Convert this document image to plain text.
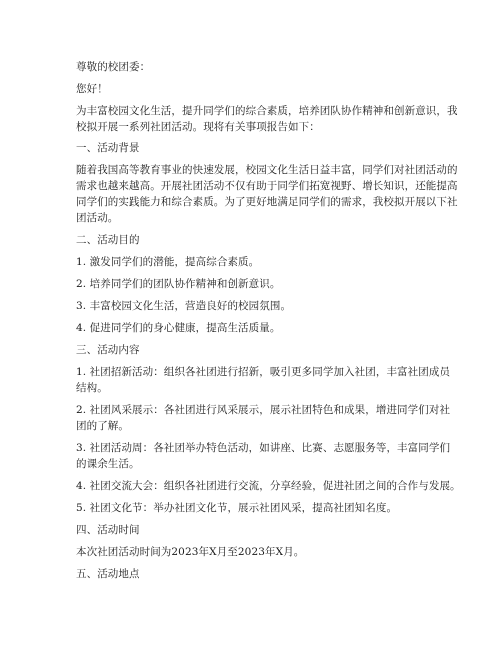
尊敬的校团委：
您好！
为丰富校园文化生活，提升同学们的综合素质，培养团队协作精神和创新意识，我
校拟开展一系列社团活动。现将有关事项报告如下：
一、活动背景
随着我国高等教育事业的快速发展，校园文化生活日益丰富，同学们对社团活动的
需求也越来越高。开展社团活动不仅有助于同学们拓宽视野、增长知识，还能提高
同学们的实践能力和综合素质。为了更好地满足同学们的需求，我校拟开展以下社
团活动。
二、活动目的
1. 激发同学们的潜能，提高综合素质。
2. 培养同学们的团队协作精神和创新意识。
3. 丰富校园文化生活，营造良好的校园氛围。
4. 促进同学们的身心健康，提高生活质量。
三、活动内容
1. 社团招新活动：组织各社团进行招新，吸引更多同学加入社团，丰富社团成员
结构。
2. 社团风采展示：各社团进行风采展示，展示社团特色和成果，增进同学们对社
团的了解。
3. 社团活动周：各社团举办特色活动，如讲座、比赛、志愿服务等，丰富同学们
的课余生活。
4. 社团交流大会：组织各社团进行交流，分享经验，促进社团之间的合作与发展。
5. 社团文化节：举办社团文化节，展示社团风采，提高社团知名度。
四、活动时间
本次社团活动时间为2023年X月至2023年X月。
五、活动地点
